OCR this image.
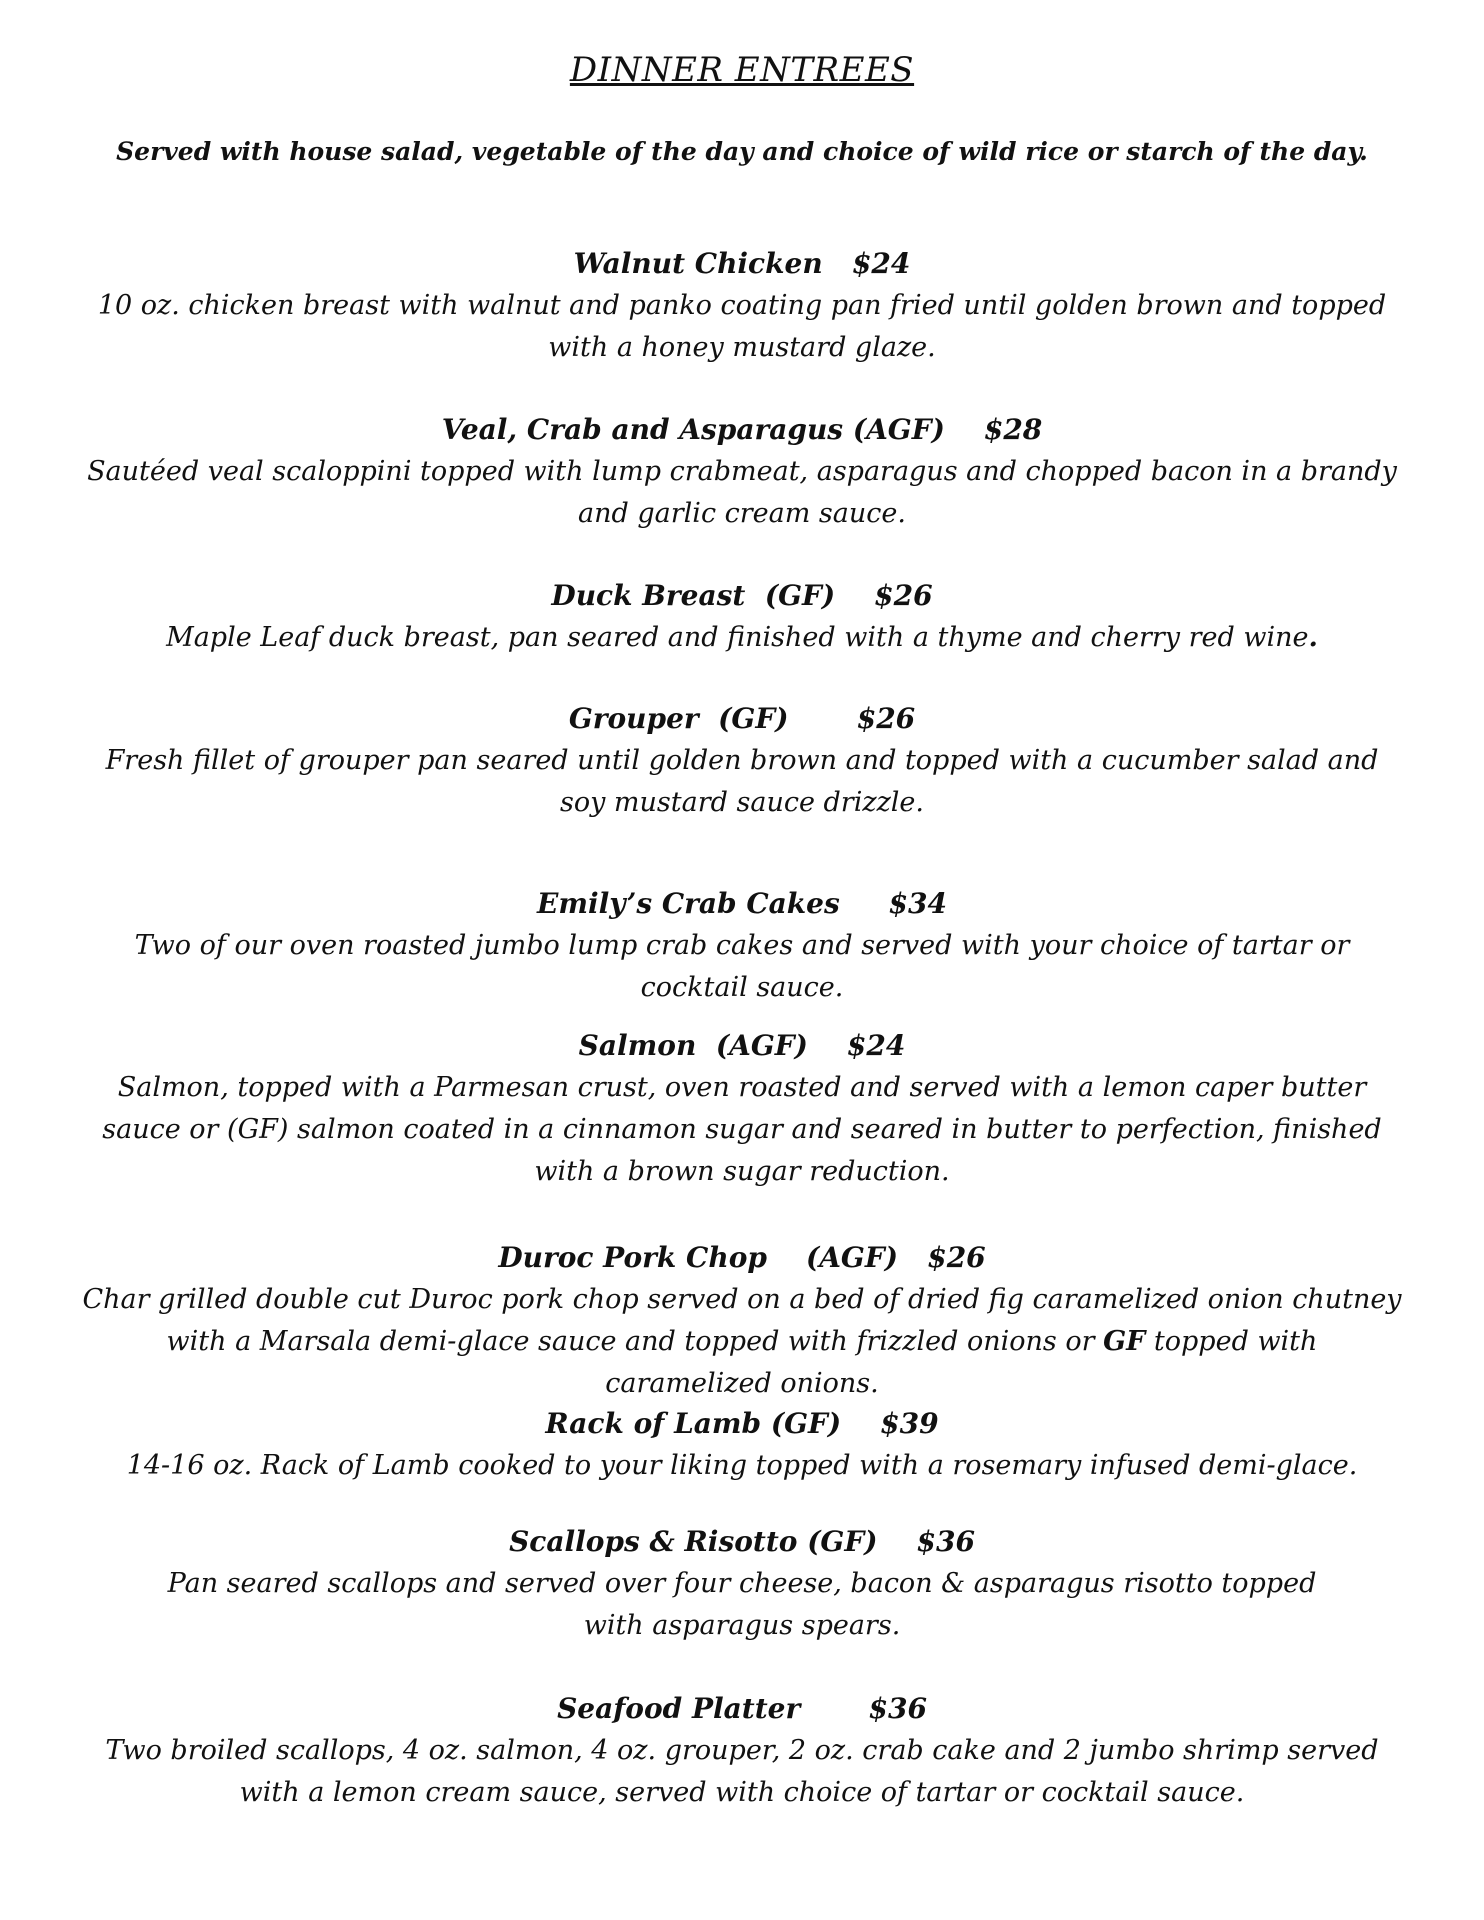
DINNER ENTREES
Served with house salad, vegetable of the day and choice of wild rice or starch of the day.
Walnut Chicken $24
10 oz. chicken breast with walnut and panko coating pan fried until golden brown and topped with a honey mustard glaze.
Veal, Crab and Asparagus (AGF) $28
Sautéed veal scaloppini topped with lump crabmeat, asparagus and chopped bacon in a brandy and garlic cream sauce.
Duck Breast (GF) $26
Maple Leaf duck breast, pan seared and finished with a thyme and cherry red wine.
Grouper (GF) $26
Fresh fillet of grouper pan seared until golden brown and topped with a cucumber salad and soy mustard sauce drizzle.
Emily’s Crab Cakes $34
Two of our oven roasted jumbo lump crab cakes and served with your choice of tartar or cocktail sauce.
Salmon (AGF) $24
Salmon, topped with a Parmesan crust, oven roasted and served with a lemon caper butter sauce or (GF) salmon coated in a cinnamon sugar and seared in butter to perfection, finished with a brown sugar reduction.
Duroc Pork Chop (AGF) $26
Char grilled double cut Duroc pork chop served on a bed of dried fig caramelized onion chutney with a Marsala demi-glace sauce and topped with frizzled onions or GF topped with caramelized onions.
Rack of Lamb (GF) $39
14-16 oz. Rack of Lamb cooked to your liking topped with a rosemary infused demi-glace.
Scallops & Risotto (GF) $36
Pan seared scallops and served over four cheese, bacon & asparagus risotto topped
with asparagus spears.
Seafood Platter $36
Two broiled scallops, 4 oz. salmon, 4 oz. grouper, 2 oz. crab cake and 2 jumbo shrimp served with a lemon cream sauce, served with choice of tartar or cocktail sauce.
